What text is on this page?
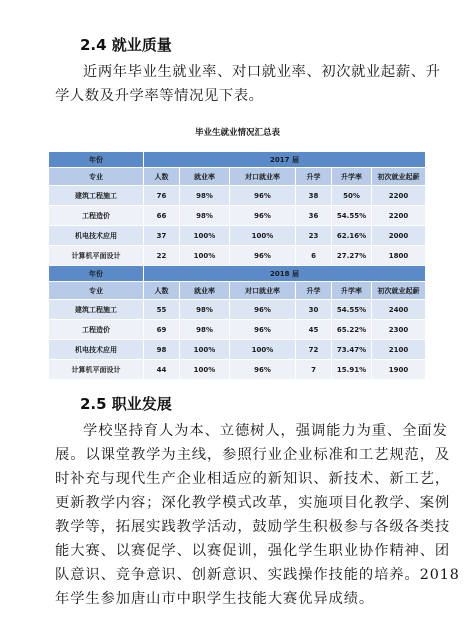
2.4 就业质量

近两年毕业生就业率、对口就业率、初次就业起薪、升
学人数及升学率等情况见下表。

毕业生就业情况汇总表
年份	2017 届					
专业	人数	就业率	对口就业率	升学	升学率	初次就业起薪
建筑工程施工	76	98%	96%	38	50%	2200
工程造价	66	98%	96%	36	54.55%	2200
机电技术应用	37	100%	100%	23	62.16%	2000
计算机平面设计	22	100%	96%	6	27.27%	1800
年份	2018 届					
专业	人数	就业率	对口就业率	升学	升学率	初次就业起薪
建筑工程施工	55	98%	96%	30	54.55%	2400
工程造价	69	98%	96%	45	65.22%	2300
机电技术应用	98	100%	100%	72	73.47%	2100
计算机平面设计	44	100%	96%	7	15.91%	1900
2.5 职业发展

学校坚持育人为本、立德树人，强调能力为重、全面发
展。以课堂教学为主线，参照行业企业标准和工艺规范，及
时补充与现代生产企业相适应的新知识、新技术、新工艺，
更新教学内容；深化教学模式改革，实施项目化教学、案例
教学等，拓展实践教学活动，鼓励学生积极参与各级各类技
能大赛、以赛促学、以赛促训，强化学生职业协作精神、团
队意识、竞争意识、创新意识、实践操作技能的培养。2018
年学生参加唐山市中职学生技能大赛优异成绩。
